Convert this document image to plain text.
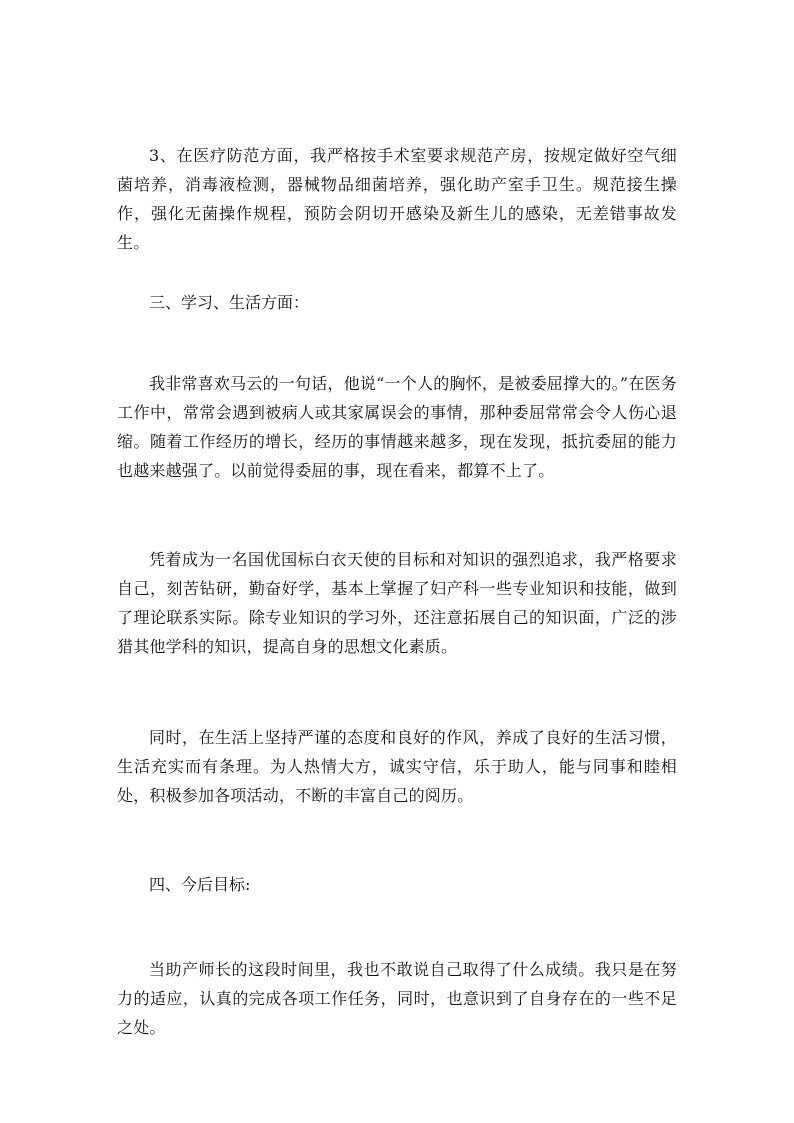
3、在医疗防范方面，我严格按手术室要求规范产房，按规定做好空气细菌培养，消毒液检测，器械物品细菌培养，强化助产室手卫生。规范接生操作，强化无菌操作规程，预防会阴切开感染及新生儿的感染，无差错事故发生。

三、学习、生活方面：

我非常喜欢马云的一句话，他说“一个人的胸怀，是被委屈撑大的。”在医务工作中，常常会遇到被病人或其家属误会的事情，那种委屈常常会令人伤心退缩。随着工作经历的增长，经历的事情越来越多，现在发现，抵抗委屈的能力也越来越强了。以前觉得委屈的事，现在看来，都算不上了。

凭着成为一名国优国标白衣天使的目标和对知识的强烈追求，我严格要求自己，刻苦钻研，勤奋好学，基本上掌握了妇产科一些专业知识和技能，做到了理论联系实际。除专业知识的学习外，还注意拓展自己的知识面，广泛的涉猎其他学科的知识，提高自身的思想文化素质。

同时，在生活上坚持严谨的态度和良好的作风，养成了良好的生活习惯，生活充实而有条理。为人热情大方，诚实守信，乐于助人，能与同事和睦相处，积极参加各项活动，不断的丰富自己的阅历。

四、今后目标:

当助产师长的这段时间里，我也不敢说自己取得了什么成绩。我只是在努力的适应，认真的完成各项工作任务，同时，也意识到了自身存在的一些不足之处。
